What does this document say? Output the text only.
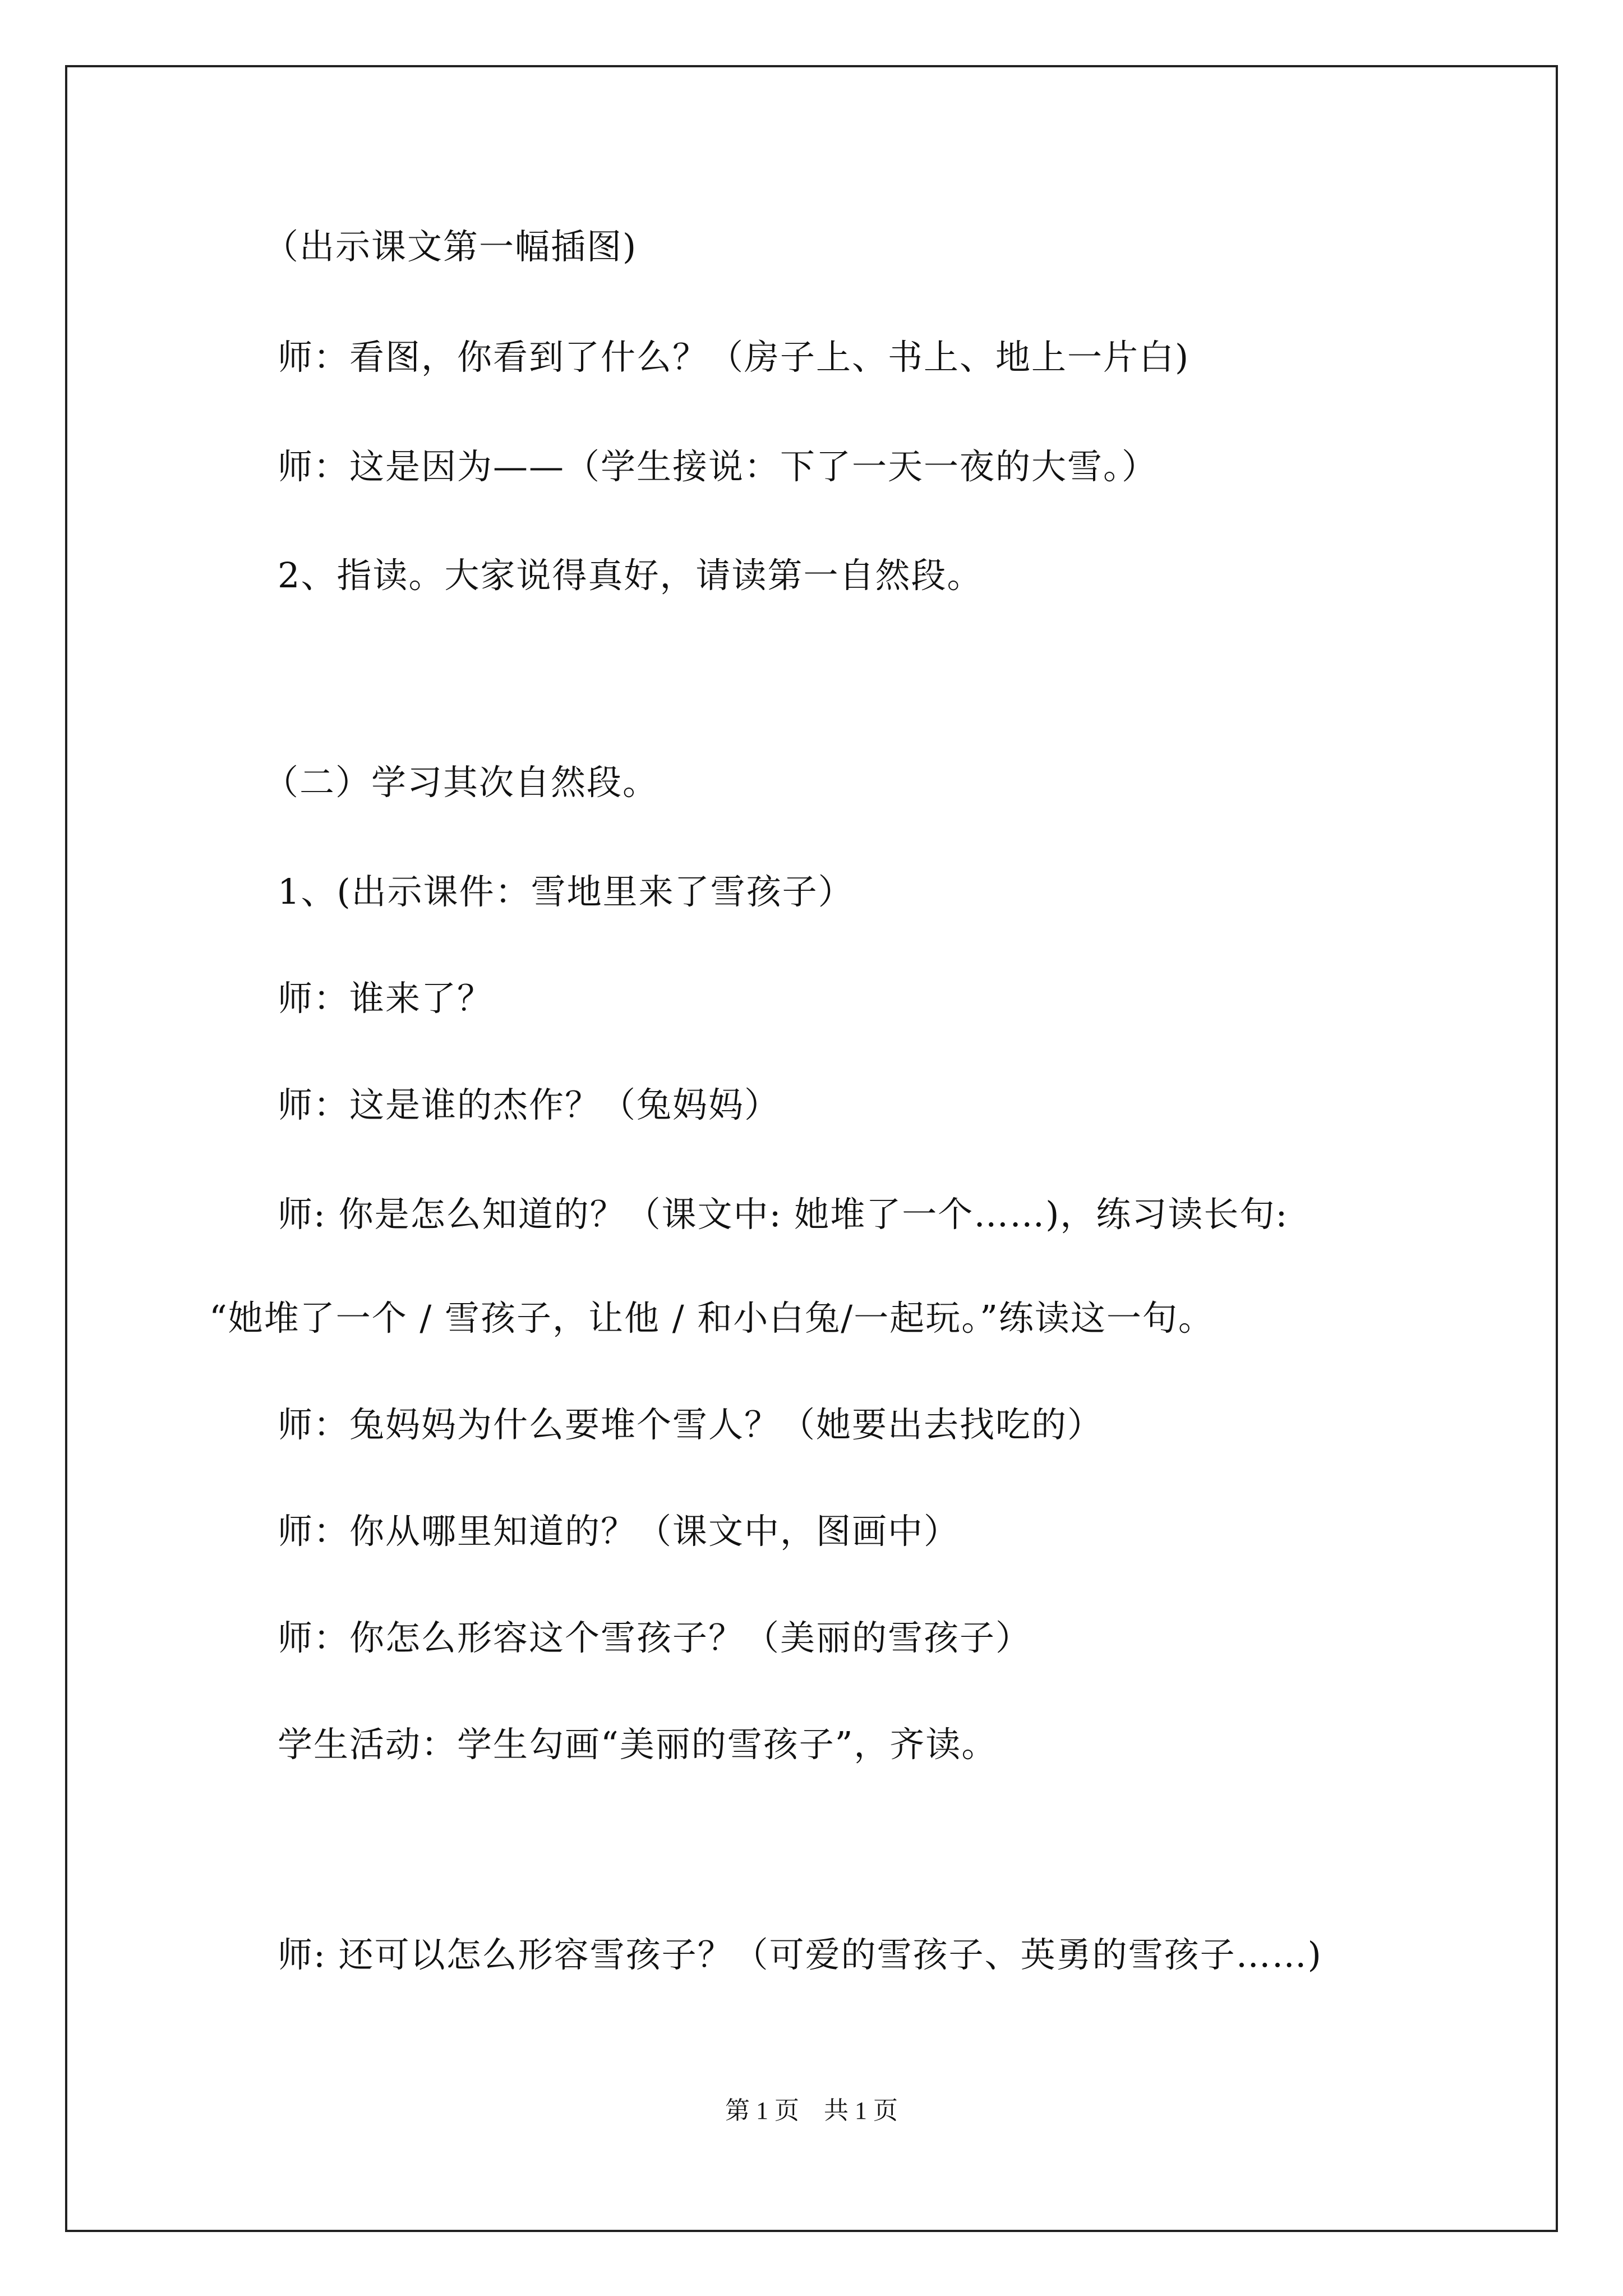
（出示课文第一幅插图)
师：看图，你看到了什么？（房子上、书上、地上一片白)
师：这是因为——（学生接说：下了一天一夜的大雪。）
2、指读。大家说得真好，请读第一自然段。
（二）学习其次自然段。
1、(出示课件：雪地里来了雪孩子）
师：谁来了？
师：这是谁的杰作？（兔妈妈）
师: 你是怎么知道的？（课文中: 她堆了一个……)，练习读长句:
“她堆了一个 / 雪孩子，让他 / 和小白兔/一起玩。”练读这一句。
师：兔妈妈为什么要堆个雪人？（她要出去找吃的）
师：你从哪里知道的？（课文中，图画中）
师：你怎么形容这个雪孩子？（美丽的雪孩子）
学生活动：学生勾画“美丽的雪孩子”，齐读。
师: 还可以怎么形容雪孩子？（可爱的雪孩子、英勇的雪孩子……)
第 1 页　共 1 页
